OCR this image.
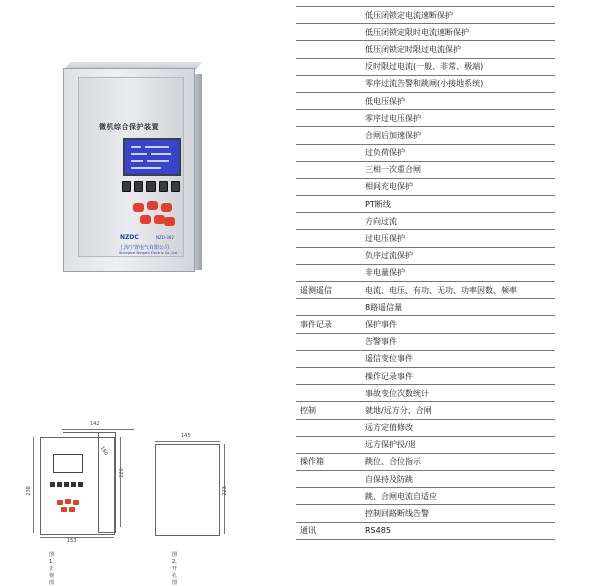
微机综合保护装置
NZDC	NZD-302
上海宁置电气有限公司
Shanghai Ningzhi Electric Co.,Ltd
142
180
238
220
153
图1、正视图
145
223
图2、开孔图
	低压闭锁定电流速断保护
	低压闭锁定限时电流速断保护
	低压闭锁定时限过电流保护
	反时限过电流(一般、非常、极端)
	零序过流告警和跳闸(小接地系统)
	低电压保护
	零序过电压保护
	合闸后加速保护
	过负荷保护
	三相一次重合闸
	相间充电保护
	PT断线
	方向过流
	过电压保护
	负序过流保护
	非电量保护
遥测遥信	电流、电压、有功、无功、功率因数、频率
	8路遥信量
事件记录	保护事件
	告警事件
	遥信变位事件
	操作记录事件
	事故变位次数统计
控制	就地/远方分、合闸
	远方定值修改
	远方保护投/退
操作箱	跳位、合位指示
	自保持及防跳
	跳、合闸电流自适应
	控制回路断线告警
通讯	RS485
